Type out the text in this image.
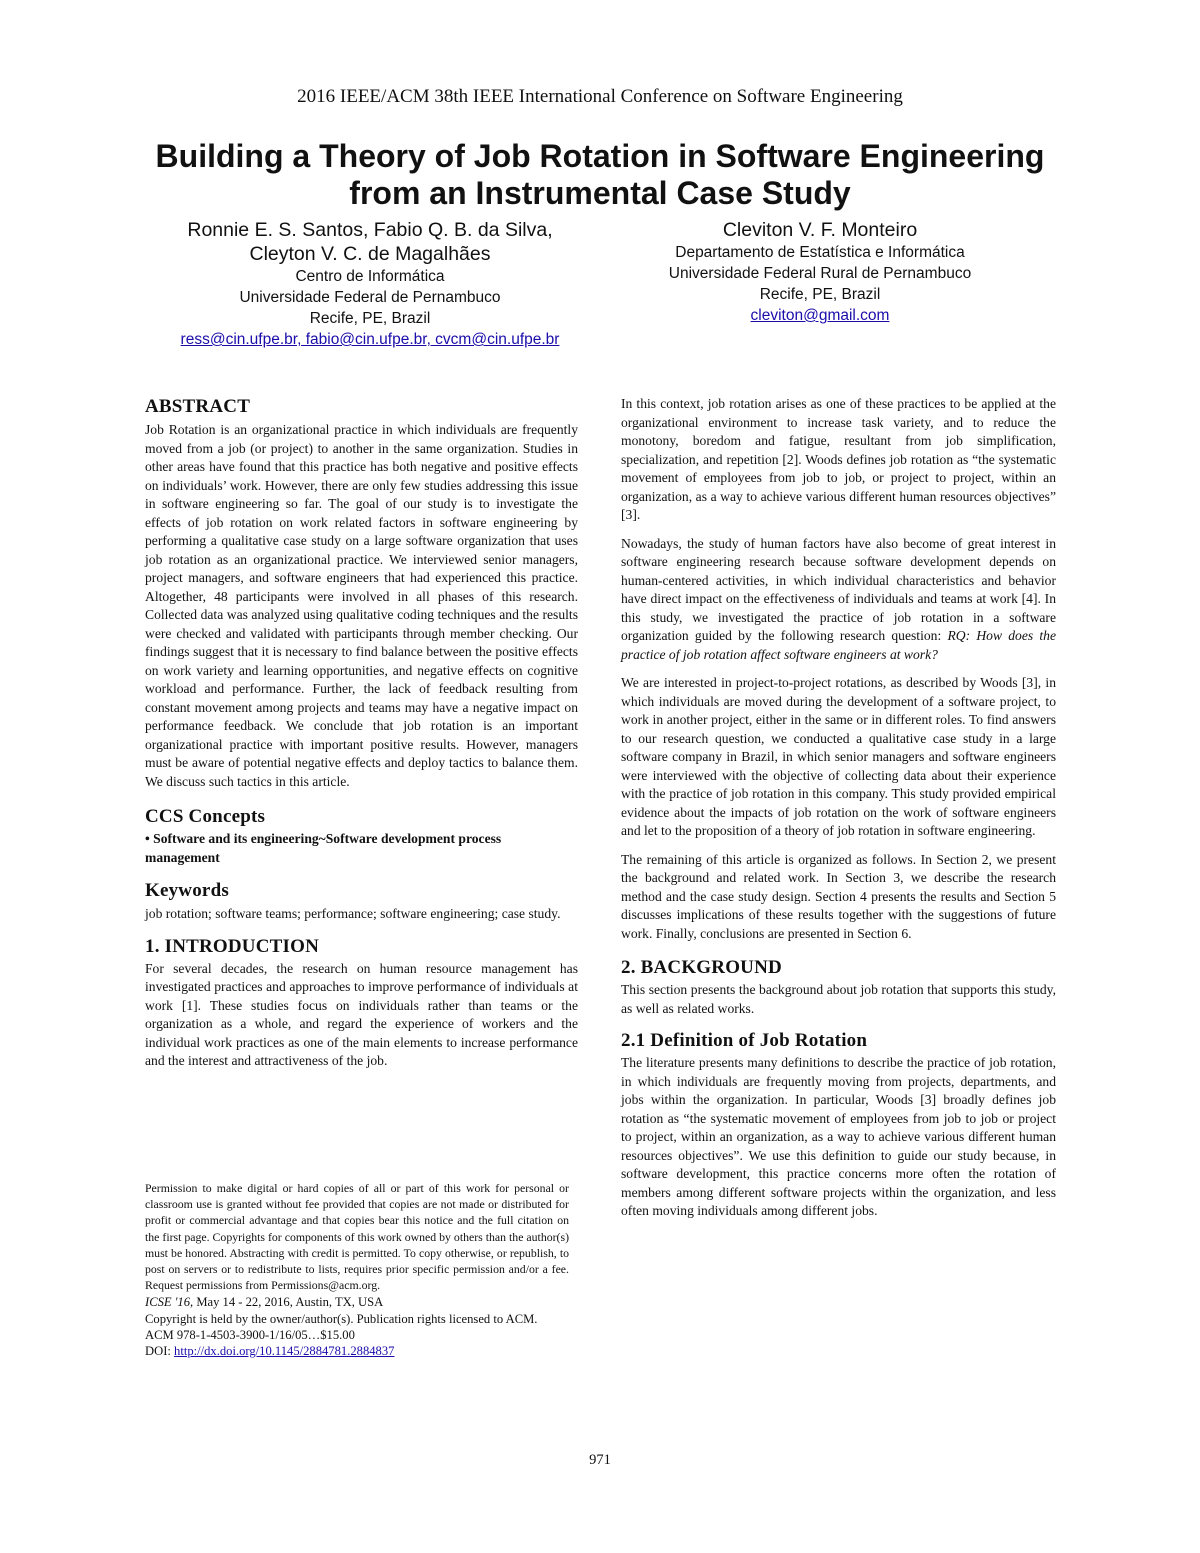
2016 IEEE/ACM 38th IEEE International Conference on Software Engineering
Building a Theory of Job Rotation in Software Engineering
from an Instrumental Case Study
Ronnie E. S. Santos, Fabio Q. B. da Silva,
Cleyton V. C. de Magalhães
Centro de Informática
Universidade Federal de Pernambuco
Recife, PE, Brazil
ress@cin.ufpe.br, fabio@cin.ufpe.br, cvcm@cin.ufpe.br
Cleviton V. F. Monteiro
Departamento de Estatística e Informática
Universidade Federal Rural de Pernambuco
Recife, PE, Brazil
cleviton@gmail.com
ABSTRACT

Job Rotation is an organizational practice in which individuals are frequently moved from a job (or project) to another in the same organization. Studies in other areas have found that this practice has both negative and positive effects on individuals’ work. However, there are only few studies addressing this issue in software engineering so far. The goal of our study is to investigate the effects of job rotation on work related factors in software engineering by performing a qualitative case study on a large software organization that uses job rotation as an organizational practice. We interviewed senior managers, project managers, and software engineers that had experienced this practice. Altogether, 48 participants were involved in all phases of this research. Collected data was analyzed using qualitative coding techniques and the results were checked and validated with participants through member checking. Our findings suggest that it is necessary to find balance between the positive effects on work variety and learning opportunities, and negative effects on cognitive workload and performance. Further, the lack of feedback resulting from constant movement among projects and teams may have a negative impact on performance feedback. We conclude that job rotation is an important organizational practice with important positive results. However, managers must be aware of potential negative effects and deploy tactics to balance them. We discuss such tactics in this article.

CCS Concepts

• Software and its engineering~Software development process management

Keywords

job rotation; software teams; performance; software engineering; case study.

1. INTRODUCTION

For several decades, the research on human resource management has investigated practices and approaches to improve performance of individuals at work [1]. These studies focus on individuals rather than teams or the organization as a whole, and regard the experience of workers and the individual work practices as one of the main elements to increase performance and the interest and attractiveness of the job.

Permission to make digital or hard copies of all or part of this work for personal or classroom use is granted without fee provided that copies are not made or distributed for profit or commercial advantage and that copies bear this notice and the full citation on the first page. Copyrights for components of this work owned by others than the author(s) must be honored. Abstracting with credit is permitted. To copy otherwise, or republish, to post on servers or to redistribute to lists, requires prior specific permission and/or a fee. Request permissions from Permissions@acm.org.

ICSE '16, May 14 - 22, 2016, Austin, TX, USA

Copyright is held by the owner/author(s). Publication rights licensed to ACM.

ACM 978-1-4503-3900-1/16/05…$15.00

DOI: http://dx.doi.org/10.1145/2884781.2884837

In this context, job rotation arises as one of these practices to be applied at the organizational environment to increase task variety, and to reduce the monotony, boredom and fatigue, resultant from job simplification, specialization, and repetition [2]. Woods defines job rotation as “the systematic movement of employees from job to job, or project to project, within an organization, as a way to achieve various different human resources objectives” [3].

Nowadays, the study of human factors have also become of great interest in software engineering research because software development depends on human-centered activities, in which individual characteristics and behavior have direct impact on the effectiveness of individuals and teams at work [4]. In this study, we investigated the practice of job rotation in a software organization guided by the following research question: RQ: How does the practice of job rotation affect software engineers at work?

We are interested in project-to-project rotations, as described by Woods [3], in which individuals are moved during the development of a software project, to work in another project, either in the same or in different roles. To find answers to our research question, we conducted a qualitative case study in a large software company in Brazil, in which senior managers and software engineers were interviewed with the objective of collecting data about their experience with the practice of job rotation in this company. This study provided empirical evidence about the impacts of job rotation on the work of software engineers and let to the proposition of a theory of job rotation in software engineering.

The remaining of this article is organized as follows. In Section 2, we present the background and related work. In Section 3, we describe the research method and the case study design. Section 4 presents the results and Section 5 discusses implications of these results together with the suggestions of future work. Finally, conclusions are presented in Section 6.

2. BACKGROUND

This section presents the background about job rotation that supports this study, as well as related works.

2.1 Definition of Job Rotation

The literature presents many definitions to describe the practice of job rotation, in which individuals are frequently moving from projects, departments, and jobs within the organization. In particular, Woods [3] broadly defines job rotation as “the systematic movement of employees from job to job or project to project, within an organization, as a way to achieve various different human resources objectives”. We use this definition to guide our study because, in software development, this practice concerns more often the rotation of members among different software projects within the organization, and less often moving individuals among different jobs.

971
